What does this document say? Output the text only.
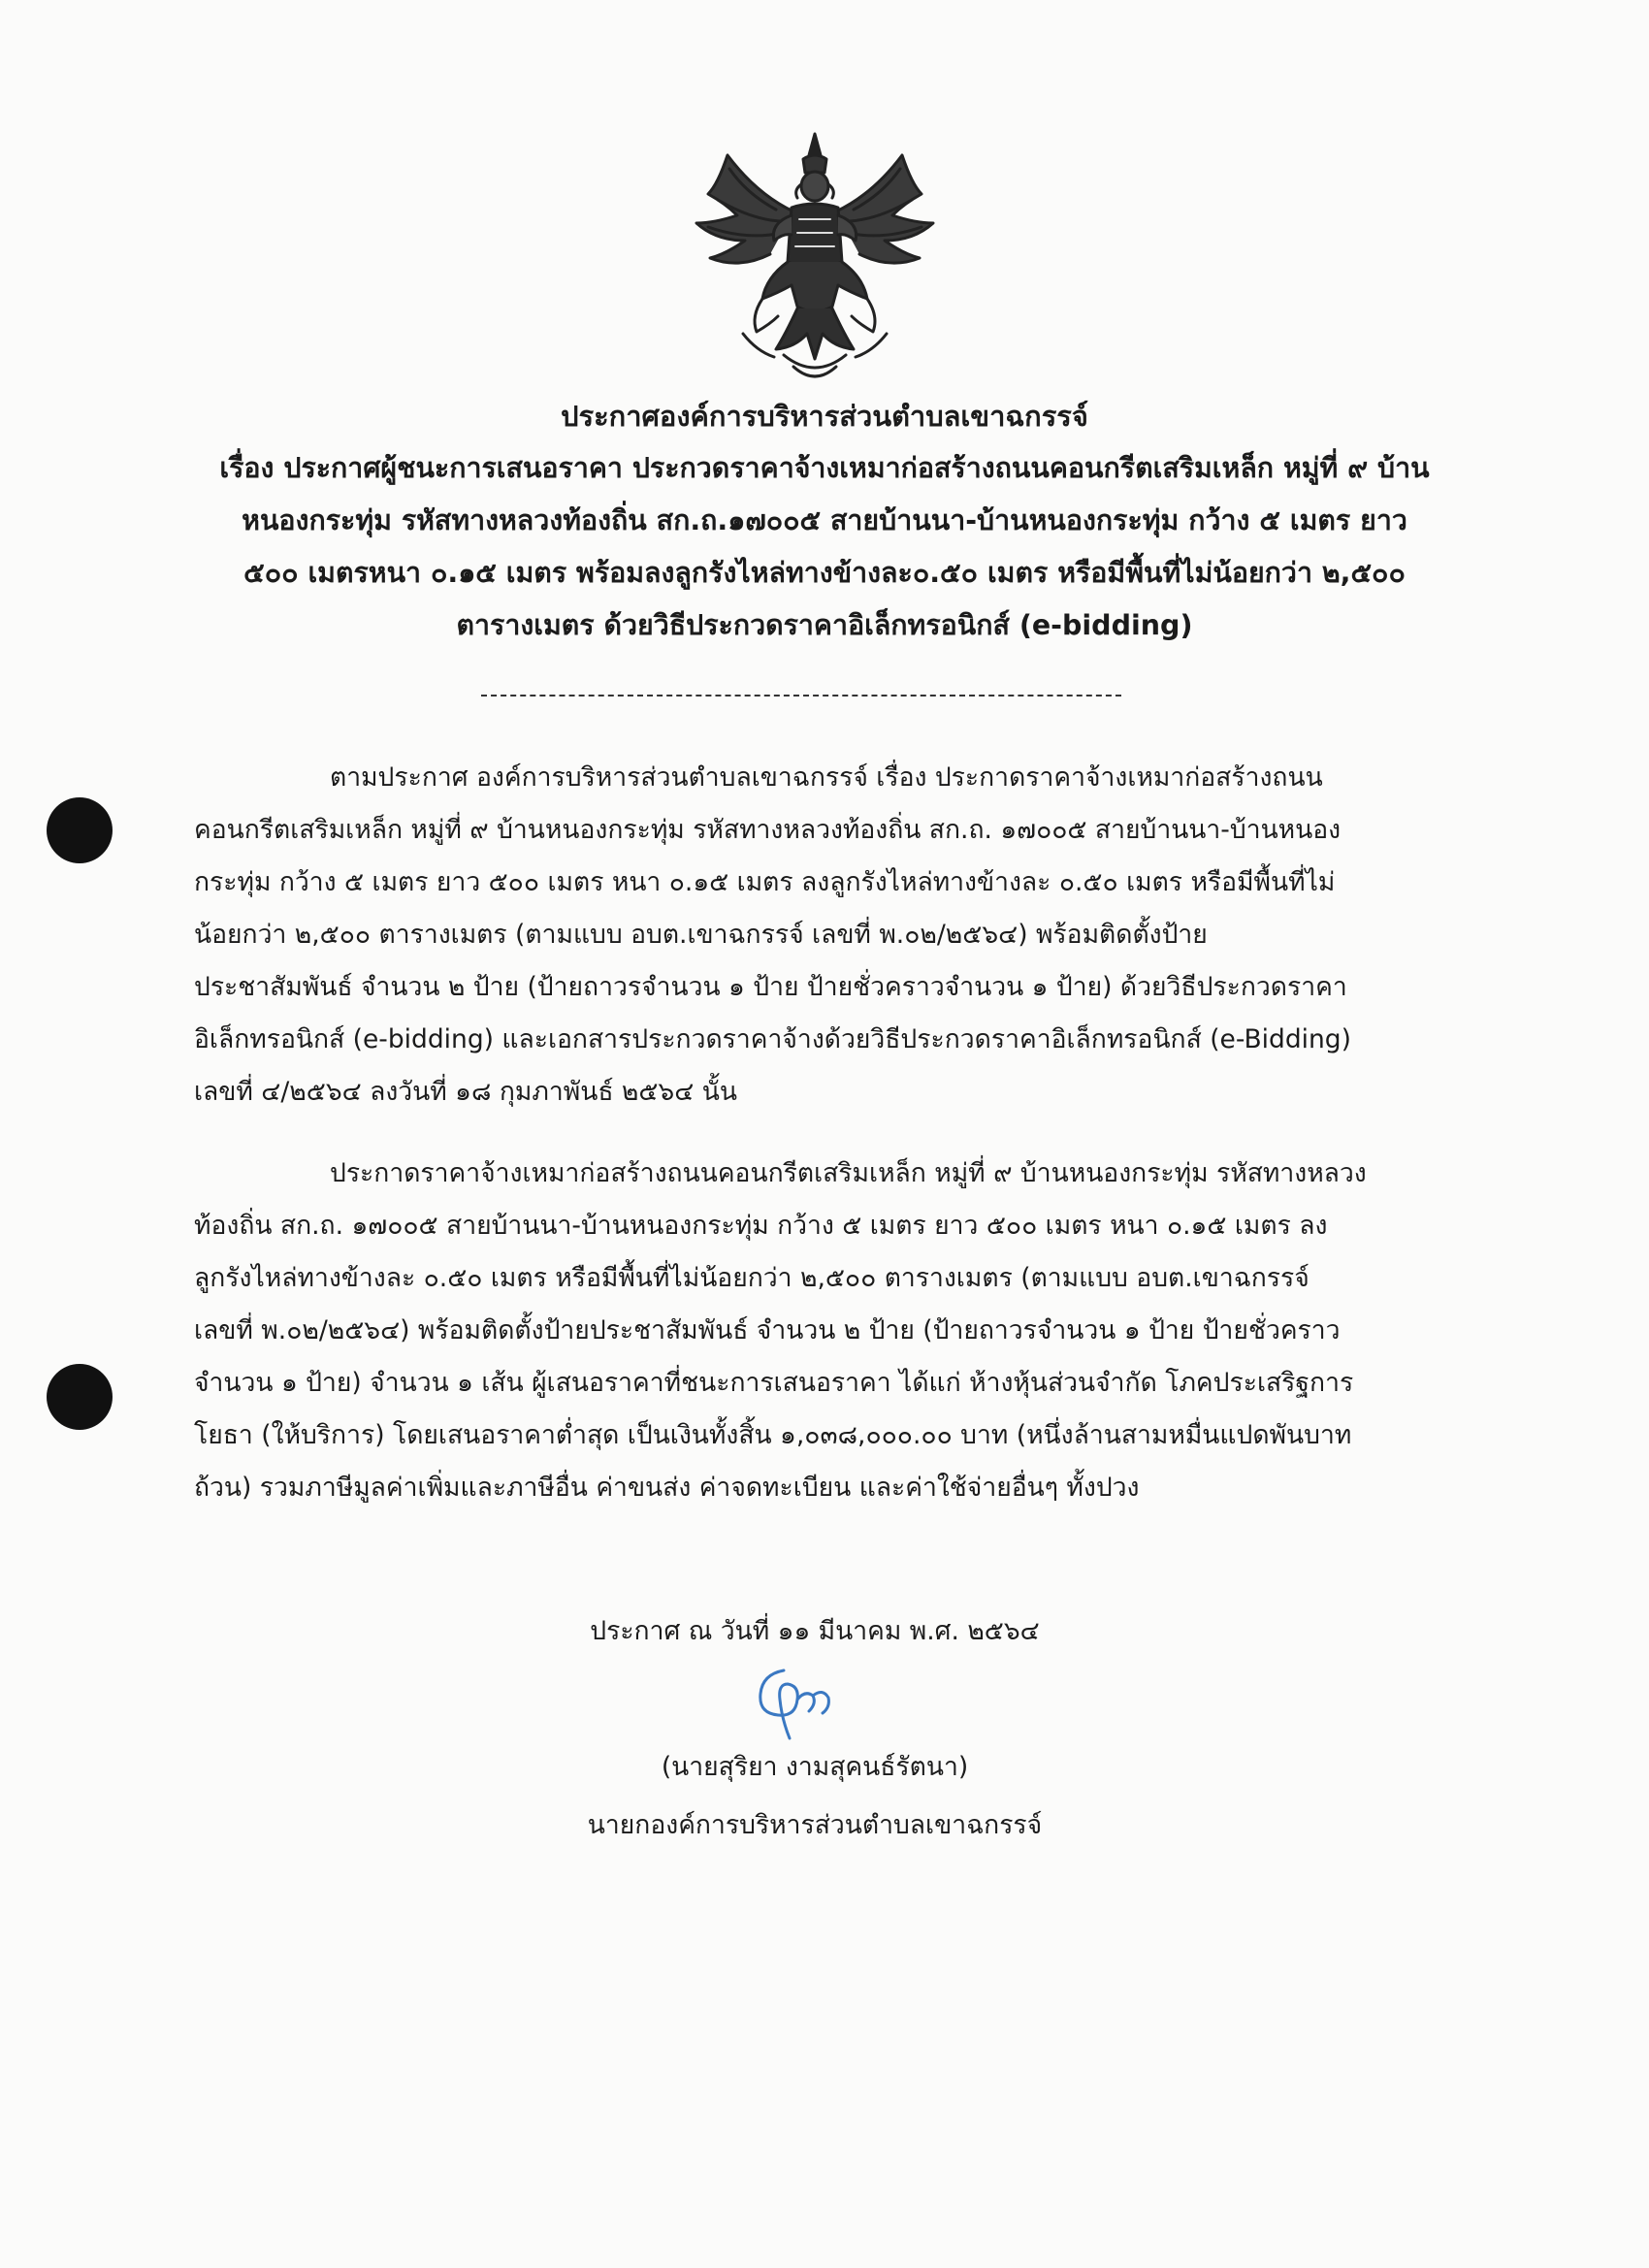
ประกาศองค์การบริหารส่วนตำบลเขาฉกรรจ์
เรื่อง ประกาศผู้ชนะการเสนอราคา ประกวดราคาจ้างเหมาก่อสร้างถนนคอนกรีตเสริมเหล็ก หมู่ที่ ๙ บ้าน
หนองกระทุ่ม รหัสทางหลวงท้องถิ่น สก.ถ.๑๗๐๐๕ สายบ้านนา-บ้านหนองกระทุ่ม กว้าง ๕ เมตร ยาว
๕๐๐ เมตรหนา ๐.๑๕ เมตร พร้อมลงลูกรังไหล่ทางข้างละ๐.๕๐ เมตร หรือมีพื้นที่ไม่น้อยกว่า ๒,๕๐๐
ตารางเมตร ด้วยวิธีประกวดราคาอิเล็กทรอนิกส์ (e-bidding)
ตามประกาศ องค์การบริหารส่วนตำบลเขาฉกรรจ์ เรื่อง ประกาดราคาจ้างเหมาก่อสร้างถนน
คอนกรีตเสริมเหล็ก หมู่ที่ ๙ บ้านหนองกระทุ่ม รหัสทางหลวงท้องถิ่น สก.ถ. ๑๗๐๐๕ สายบ้านนา-บ้านหนอง
กระทุ่ม กว้าง ๕ เมตร ยาว ๕๐๐ เมตร หนา ๐.๑๕ เมตร ลงลูกรังไหล่ทางข้างละ ๐.๕๐ เมตร หรือมีพื้นที่ไม่
น้อยกว่า ๒,๕๐๐ ตารางเมตร (ตามแบบ อบต.เขาฉกรรจ์ เลขที่ พ.๐๒/๒๕๖๔) พร้อมติดตั้งป้าย
ประชาสัมพันธ์ จำนวน ๒ ป้าย (ป้ายถาวรจำนวน ๑ ป้าย ป้ายชั่วคราวจำนวน ๑ ป้าย) ด้วยวิธีประกวดราคา
อิเล็กทรอนิกส์ (e-bidding) และเอกสารประกวดราคาจ้างด้วยวิธีประกวดราคาอิเล็กทรอนิกส์ (e-Bidding)
เลขที่ ๔/๒๕๖๔ ลงวันที่ ๑๘ กุมภาพันธ์ ๒๕๖๔ นั้น
ประกาดราคาจ้างเหมาก่อสร้างถนนคอนกรีตเสริมเหล็ก หมู่ที่ ๙ บ้านหนองกระทุ่ม รหัสทางหลวง
ท้องถิ่น สก.ถ. ๑๗๐๐๕ สายบ้านนา-บ้านหนองกระทุ่ม กว้าง ๕ เมตร ยาว ๕๐๐ เมตร หนา ๐.๑๕ เมตร ลง
ลูกรังไหล่ทางข้างละ ๐.๕๐ เมตร หรือมีพื้นที่ไม่น้อยกว่า ๒,๕๐๐ ตารางเมตร (ตามแบบ อบต.เขาฉกรรจ์
เลขที่ พ.๐๒/๒๕๖๔) พร้อมติดตั้งป้ายประชาสัมพันธ์ จำนวน ๒ ป้าย (ป้ายถาวรจำนวน ๑ ป้าย ป้ายชั่วคราว
จำนวน ๑ ป้าย) จำนวน ๑ เส้น ผู้เสนอราคาที่ชนะการเสนอราคา ได้แก่ ห้างหุ้นส่วนจำกัด โภคประเสริฐการ
โยธา (ให้บริการ) โดยเสนอราคาต่ำสุด เป็นเงินทั้งสิ้น ๑,๐๓๘,๐๐๐.๐๐ บาท (หนึ่งล้านสามหมื่นแปดพันบาท
ถ้วน) รวมภาษีมูลค่าเพิ่มและภาษีอื่น ค่าขนส่ง ค่าจดทะเบียน และค่าใช้จ่ายอื่นๆ ทั้งปวง
ประกาศ ณ วันที่ ๑๑ มีนาคม พ.ศ. ๒๕๖๔
(นายสุริยา งามสุคนธ์รัตนา)
นายกองค์การบริหารส่วนตำบลเขาฉกรรจ์
